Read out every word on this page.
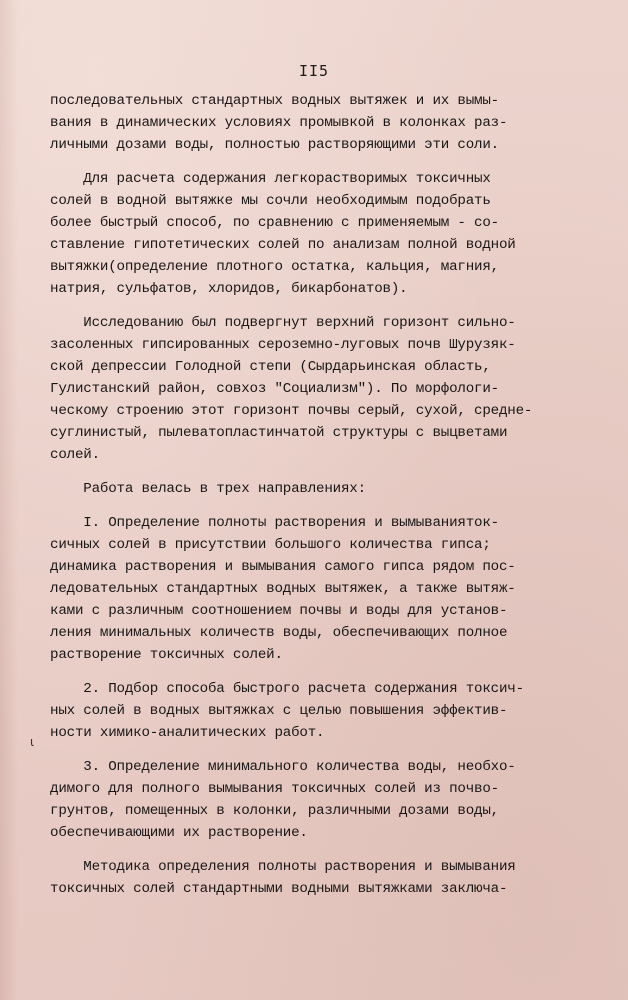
II5
последовательных стандартных водных вытяжек и их вымы-
вания в динамических условиях промывкой в колонках раз-
личными дозами воды, полностью растворяющими эти соли.
Для расчета содержания легкорастворимых токсичных
солей в водной вытяжке мы сочли необходимым подобрать
более быстрый способ, по сравнению с применяемым - со-
ставление гипотетических солей по анализам полной водной
вытяжки(определение плотного остатка, кальция, магния,
натрия, сульфатов, хлоридов, бикарбонатов).
Исследованию был подвергнут верхний горизонт сильно-
засоленных гипсированных сероземно-луговых почв Шурузяк-
ской депрессии Голодной степи (Сырдарьинская область,
Гулистанский район, совхоз "Социализм"). По морфологи-
ческому строению этот горизонт почвы серый, сухой, средне-
суглинистый, пылеватопластинчатой структуры с выцветами
солей.
Работа велась в трех направлениях:
I. Определение полноты растворения и вымыванияток-
сичных солей в присутствии большого количества гипса;
динамика растворения и вымывания самого гипса рядом пос-
ледовательных стандартных водных вытяжек, а также вытяж-
ками с различным соотношением почвы и воды для установ-
ления минимальных количеств воды, обеспечивающих полное
растворение токсичных солей.
2. Подбор способа быстрого расчета содержания токсич-
ных солей в водных вытяжках с целью повышения эффектив-
ности химико-аналитических работ.
3. Определение минимального количества воды, необхо-
димого для полного вымывания токсичных солей из почво-
грунтов, помещенных в колонки, различными дозами воды,
обеспечивающими их растворение.
Методика определения полноты растворения и вымывания
токсичных солей стандартными водными вытяжками заключа-
ι
